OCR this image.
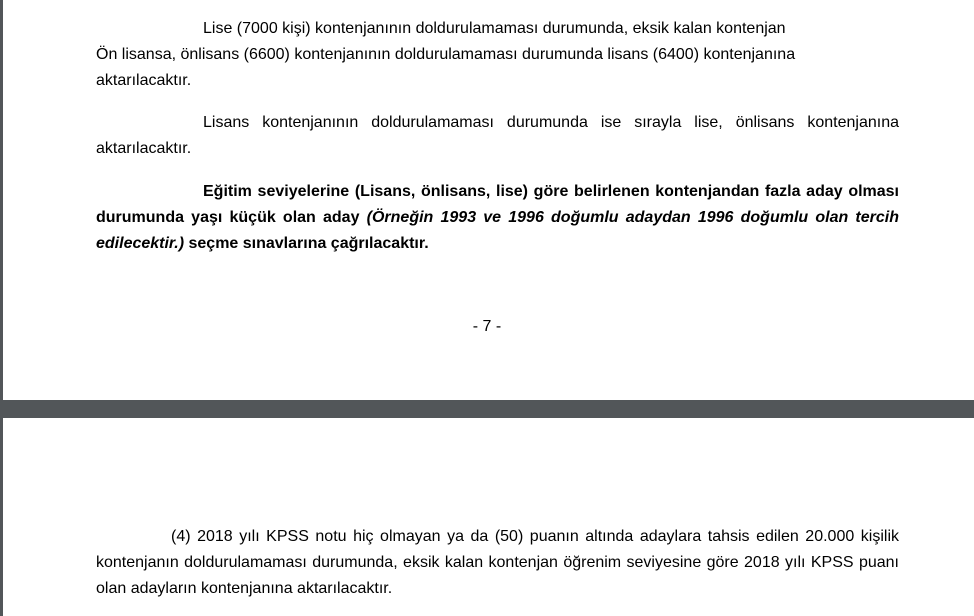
Lise (7000 kişi) kontenjanının doldurulamaması durumunda, eksik kalan kontenjan
Ön lisansa, önlisans (6600) kontenjanının doldurulamaması durumunda lisans (6400) kontenjanına
aktarılacaktır.

Lisans kontenjanının doldurulamaması durumunda ise sırayla lise, önlisans kontenjanına aktarılacaktır.

Eğitim seviyelerine (Lisans, önlisans, lise) göre belirlenen kontenjandan fazla aday olması durumunda yaşı küçük olan aday (Örneğin 1993 ve 1996 doğumlu adaydan 1996 doğumlu olan tercih edilecektir.) seçme sınavlarına çağrılacaktır.

- 7 -

(4) 2018 yılı KPSS notu hiç olmayan ya da (50) puanın altında adaylara tahsis edilen 20.000 kişilik kontenjanın doldurulamaması durumunda, eksik kalan kontenjan öğrenim seviyesine göre 2018 yılı KPSS puanı olan adayların kontenjanına aktarılacaktır.
